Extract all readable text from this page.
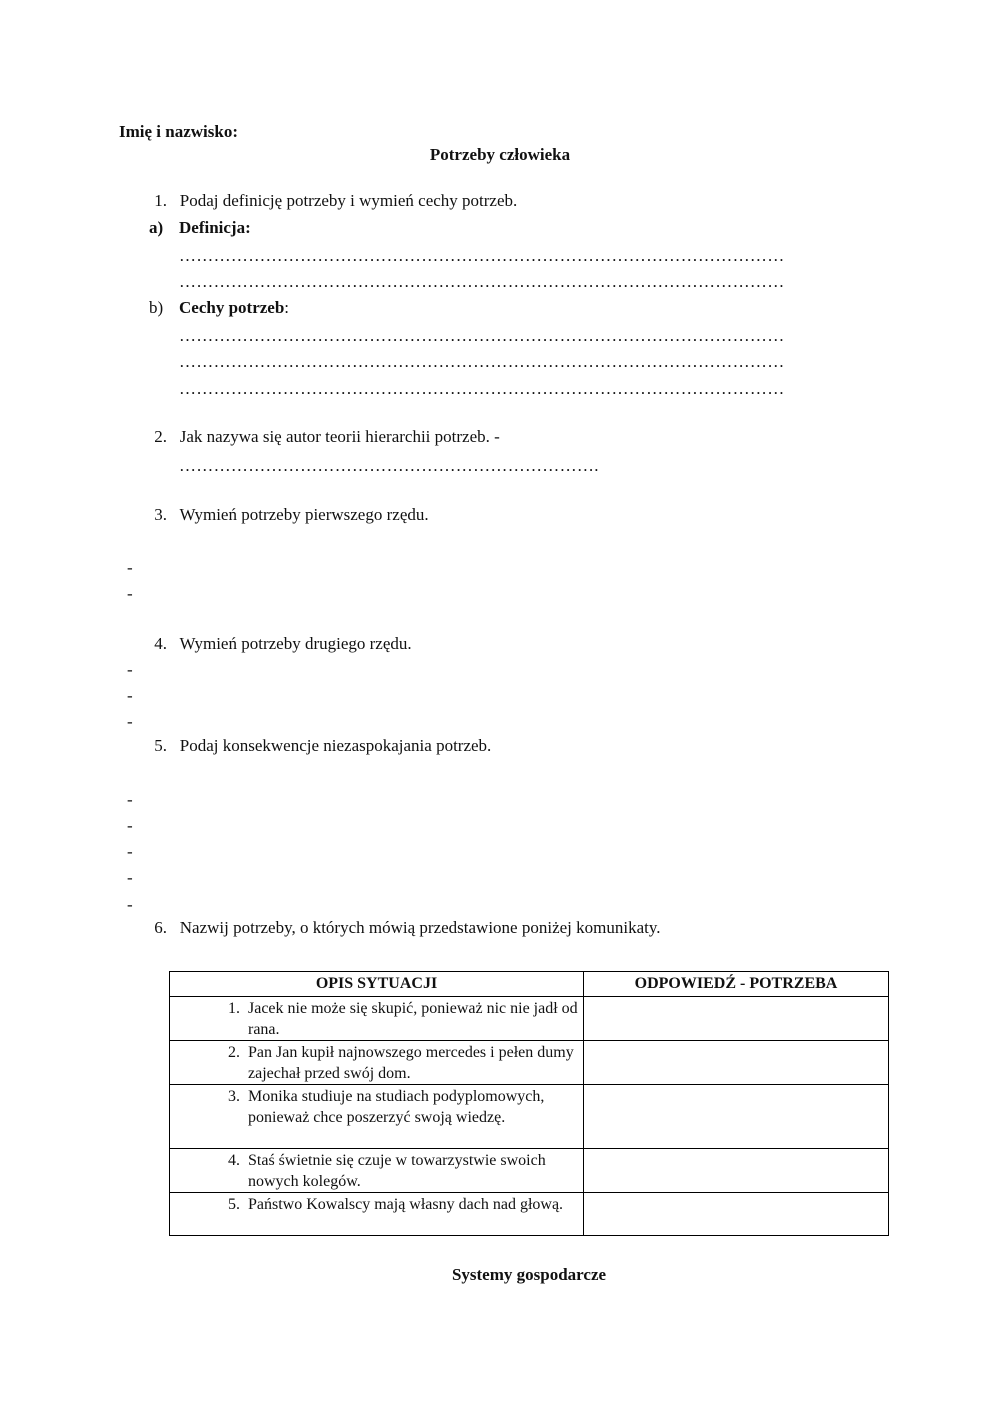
Imię i nazwisko:
Potrzeby człowieka
1. Podaj definicję potrzeby i wymień cechy potrzeb.
a) Definicja:
……………………………………………………………………………………………
……………………………………………………………………………………………
b) Cechy potrzeb:
……………………………………………………………………………………………
……………………………………………………………………………………………
……………………………………………………………………………………………
2. Jak nazywa się autor teorii hierarchii potrzeb. -
……………………………………………………………….
3. Wymień potrzeby pierwszego rzędu.
-
-
4. Wymień potrzeby drugiego rzędu.
-
-
-
5. Podaj konsekwencje niezaspokajania potrzeb.
-
-
-
-
-
6. Nazwij potrzeby, o których mówią przedstawione poniżej komunikaty.
OPIS SYTUACJI	ODPOWIEDŹ - POTRZEBA

1. Jacek nie może się skupić, ponieważ nic nie jadł od rana.	

2. Pan Jan kupił najnowszego mercedes i pełen dumy zajechał przed swój dom.	

3. Monika studiuje na studiach podyplomowych, ponieważ chce poszerzyć swoją wiedzę.	

4. Staś świetnie się czuje w towarzystwie swoich nowych kolegów.	

5. Państwo Kowalscy mają własny dach nad głową.	

Systemy gospodarcze
